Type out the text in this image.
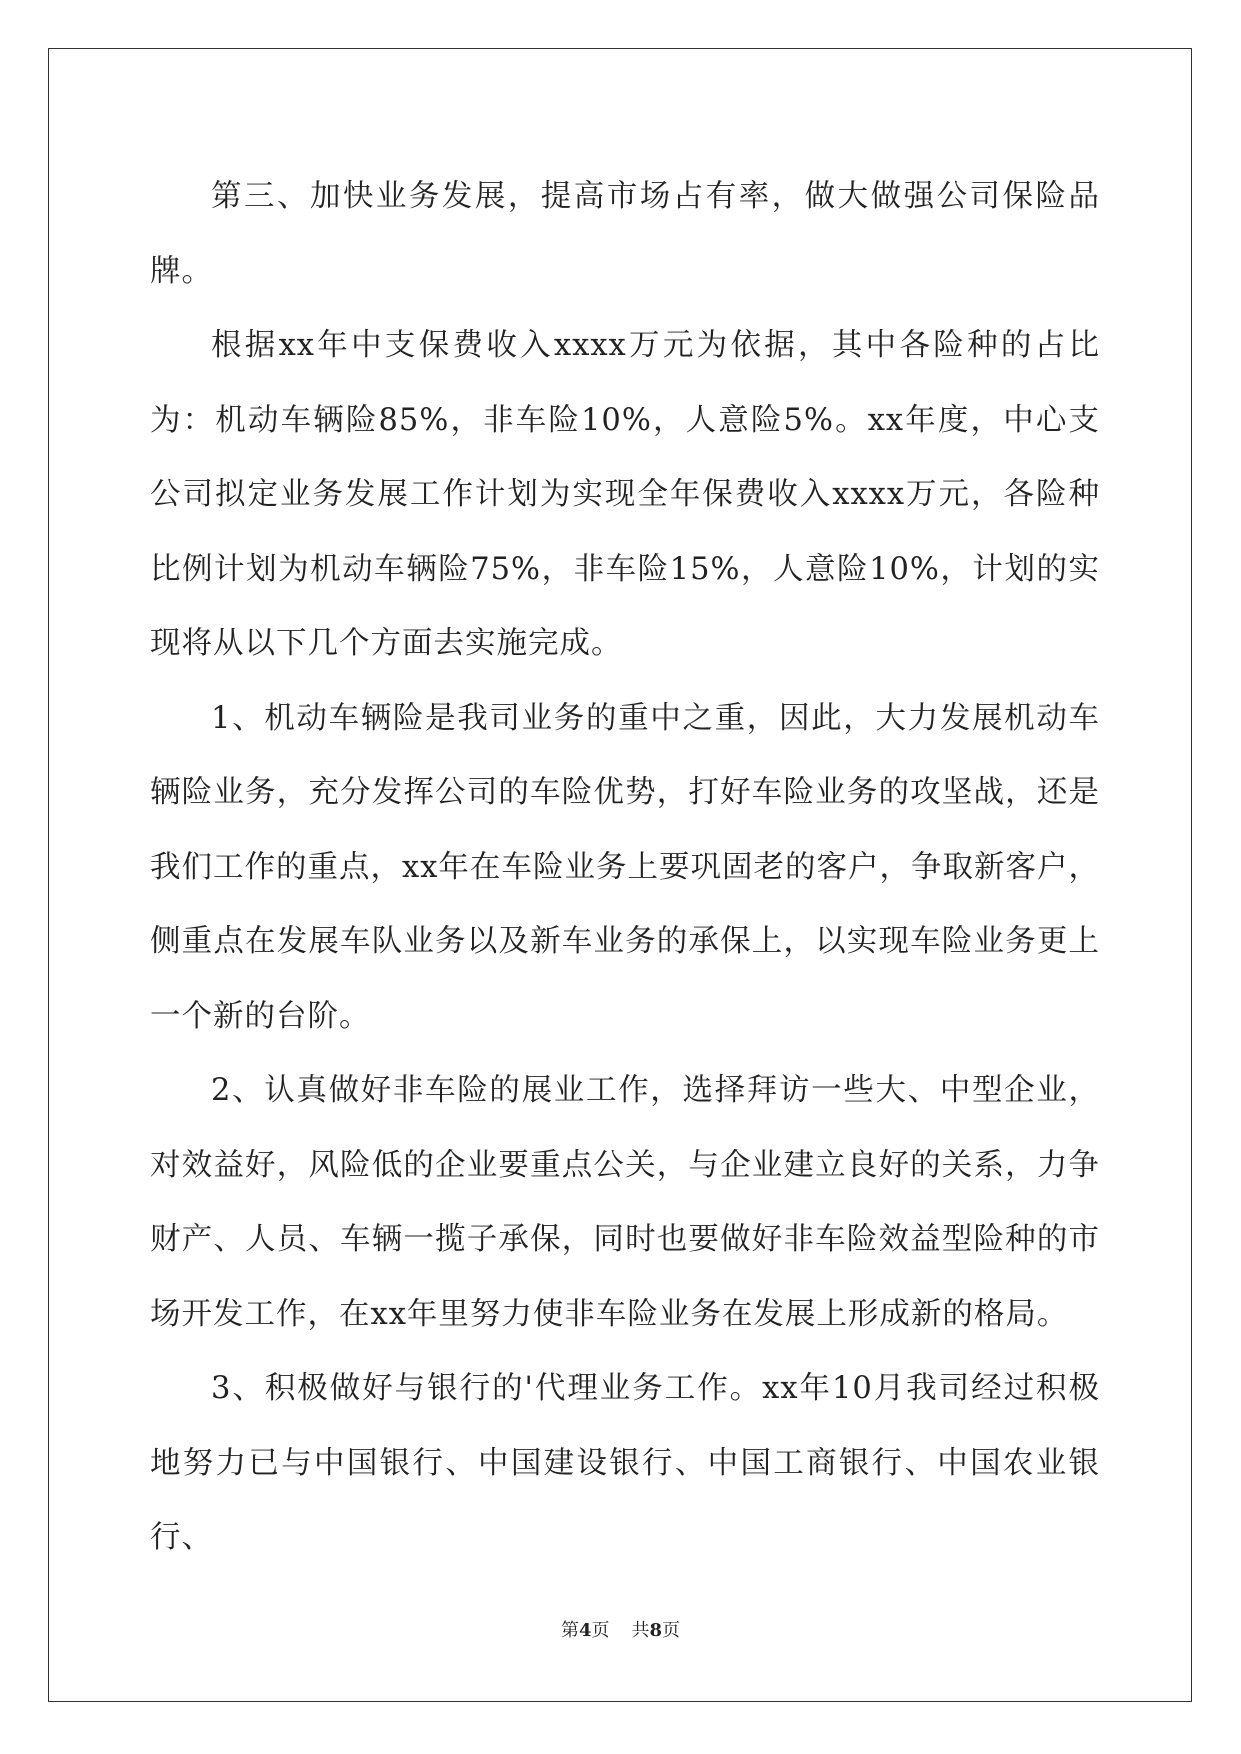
第三、加快业务发展，提高市场占有率，做大做强公司保险品牌。

根据xx年中支保费收入xxxx万元为依据，其中各险种的占比为：机动车辆险85%，非车险10%，人意险5%。xx年度，中心支公司拟定业务发展工作计划为实现全年保费收入xxxx万元，各险种比例计划为机动车辆险75%，非车险15%，人意险10%，计划的实现将从以下几个方面去实施完成。

1、机动车辆险是我司业务的重中之重，因此，大力发展机动车辆险业务，充分发挥公司的车险优势，打好车险业务的攻坚战，还是我们工作的重点，xx年在车险业务上要巩固老的客户，争取新客户，侧重点在发展车队业务以及新车业务的承保上，以实现车险业务更上一个新的台阶。

2、认真做好非车险的展业工作，选择拜访一些大、中型企业，对效益好，风险低的企业要重点公关，与企业建立良好的关系，力争财产、人员、车辆一揽子承保，同时也要做好非车险效益型险种的市场开发工作，在xx年里努力使非车险业务在发展上形成新的格局。

3、积极做好与银行的'代理业务工作。xx年10月我司经过积极地努力已与中国银行、中国建设银行、中国工商银行、中国农业银行、

第4页 共8页
